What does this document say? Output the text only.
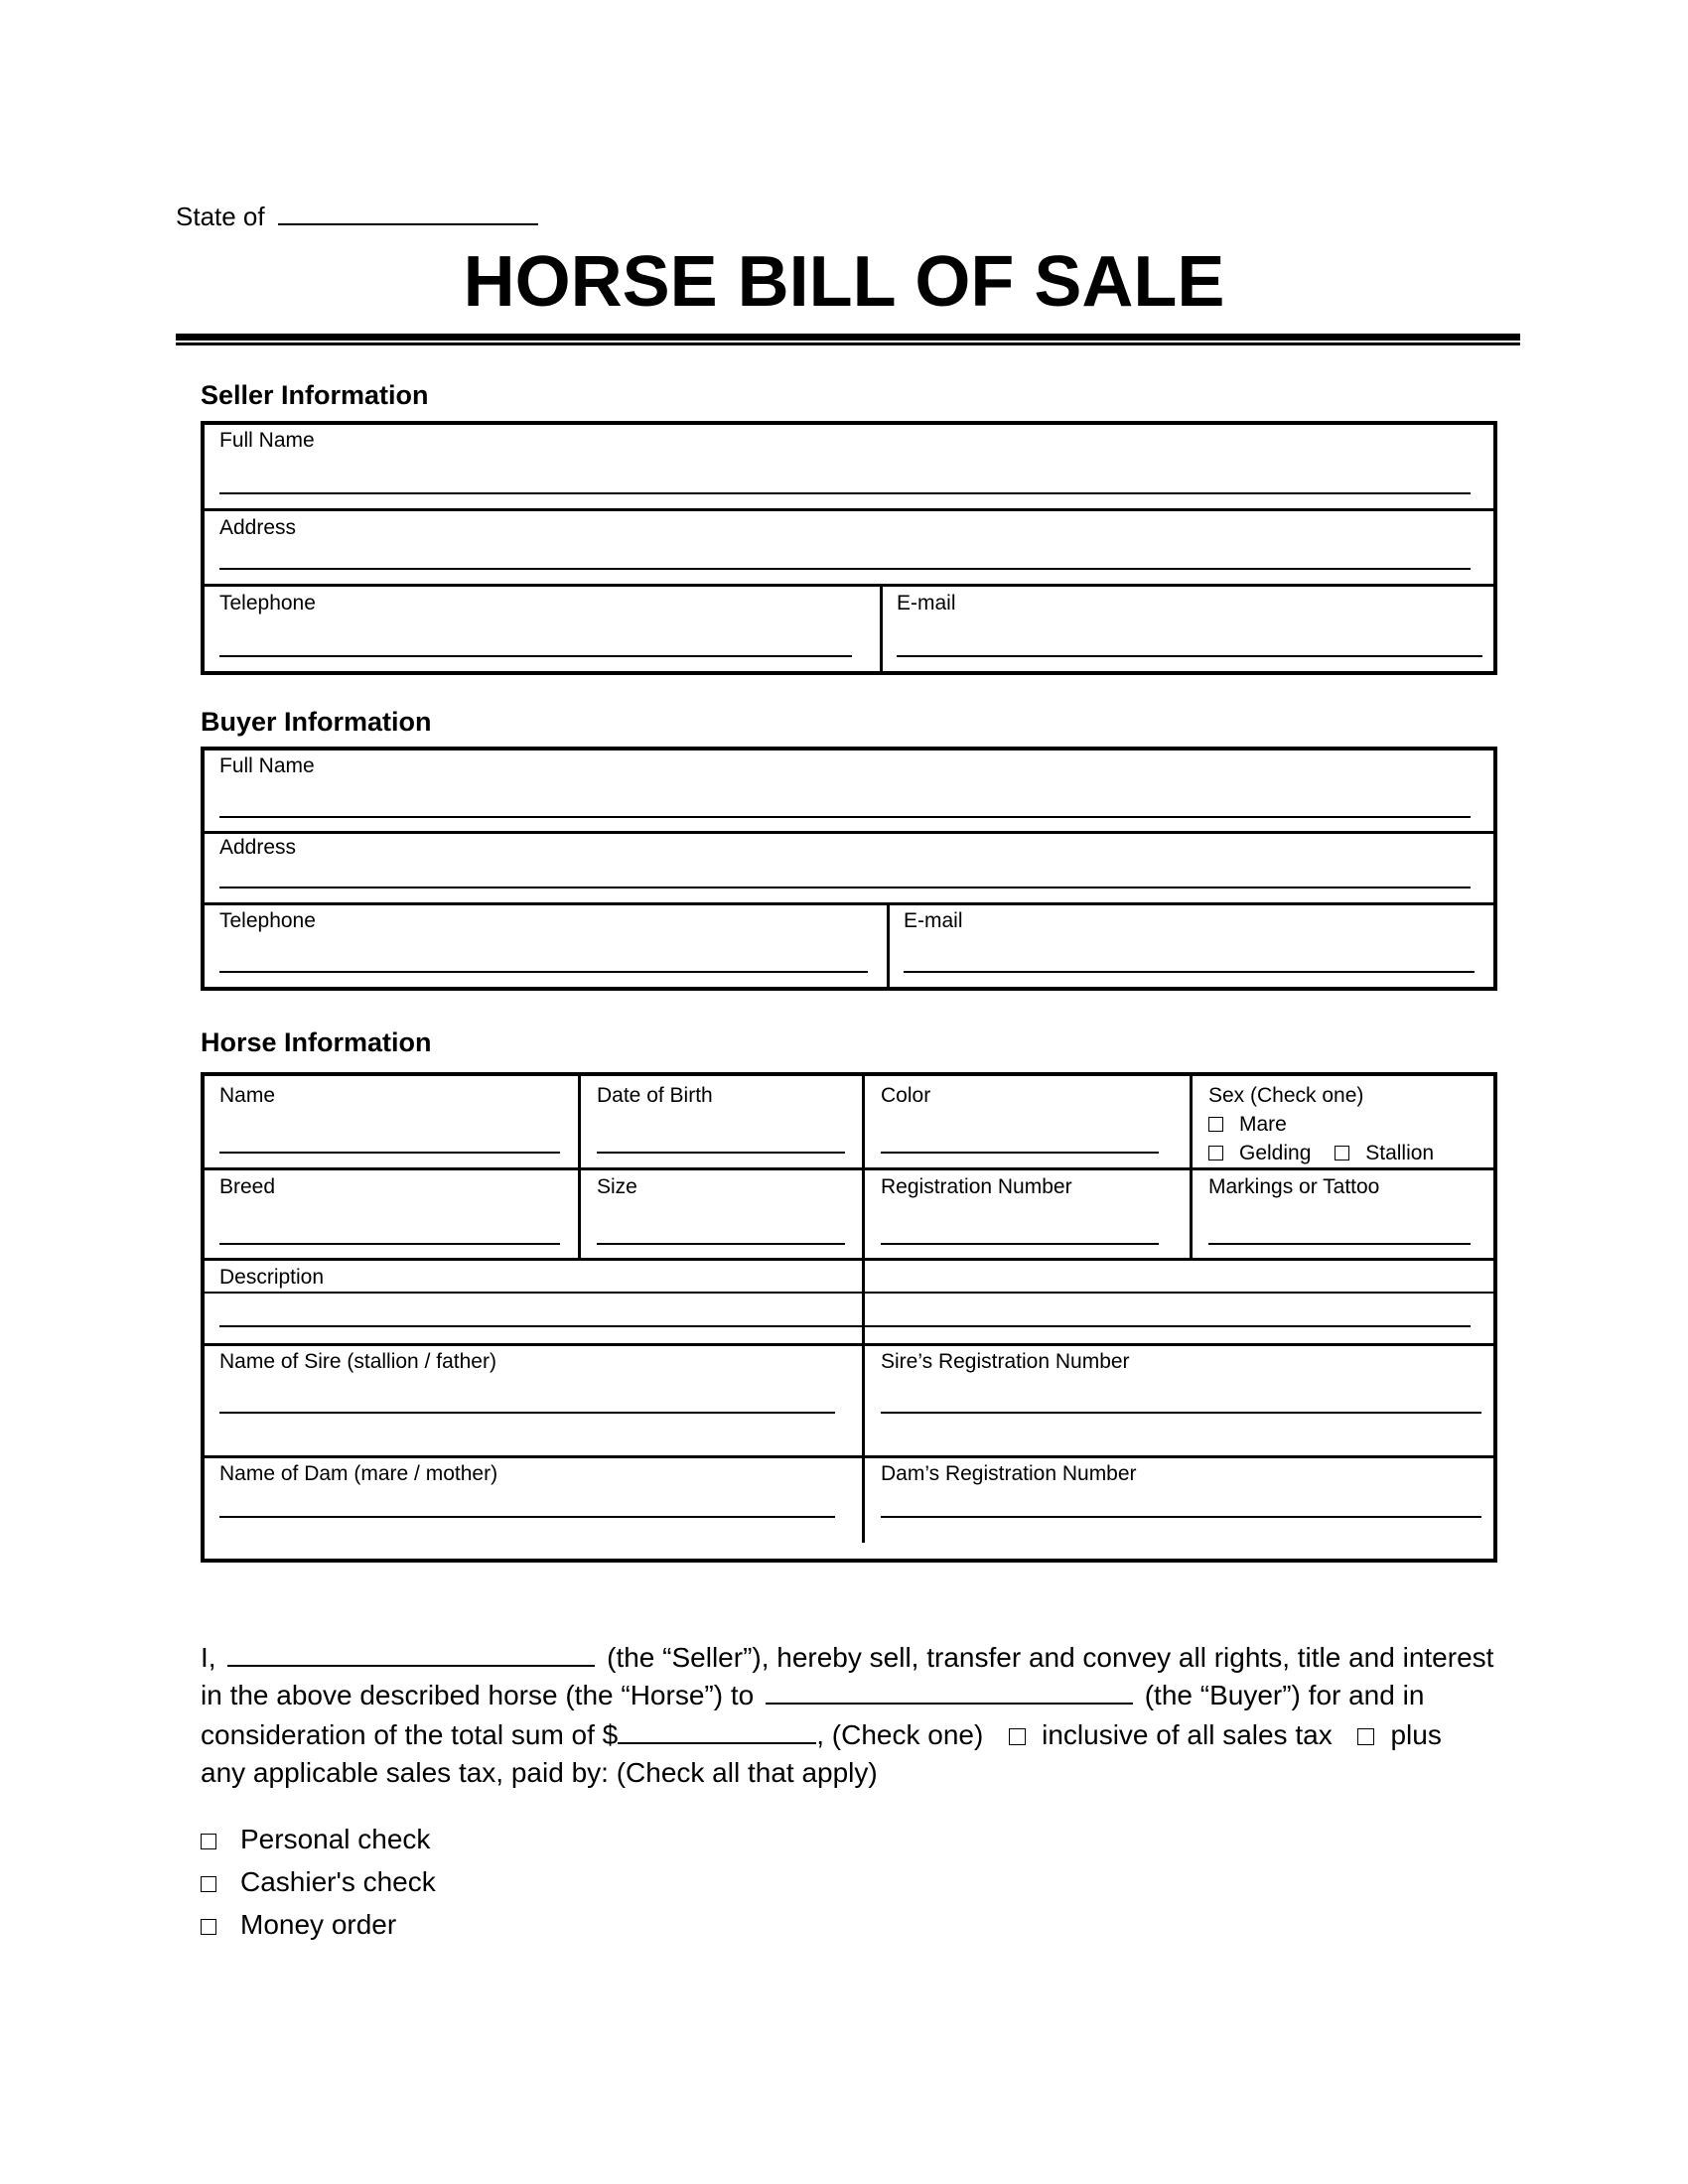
State of
HORSE BILL OF SALE
Seller Information
Full Name
Address
Telephone	E-mail
Buyer Information
Full Name
Address
Telephone	E-mail
Horse Information
Name	Date of Birth	Color	Sex (Check one)
Mare
Gelding	Stallion
Breed	Size	Registration Number	Markings or Tattoo
Description
Name of Sire (stallion / father)	Sire’s Registration Number
Name of Dam (mare / mother)	Dam’s Registration Number
I,	(the “Seller”), hereby sell, transfer and convey all rights, title and interest
in the above described horse (the “Horse”) to	(the “Buyer”) for and in
consideration of the total sum of $	, (Check one) inclusive of all sales tax plus
any applicable sales tax, paid by: (Check all that apply)
Personal check
Cashier's check
Money order
